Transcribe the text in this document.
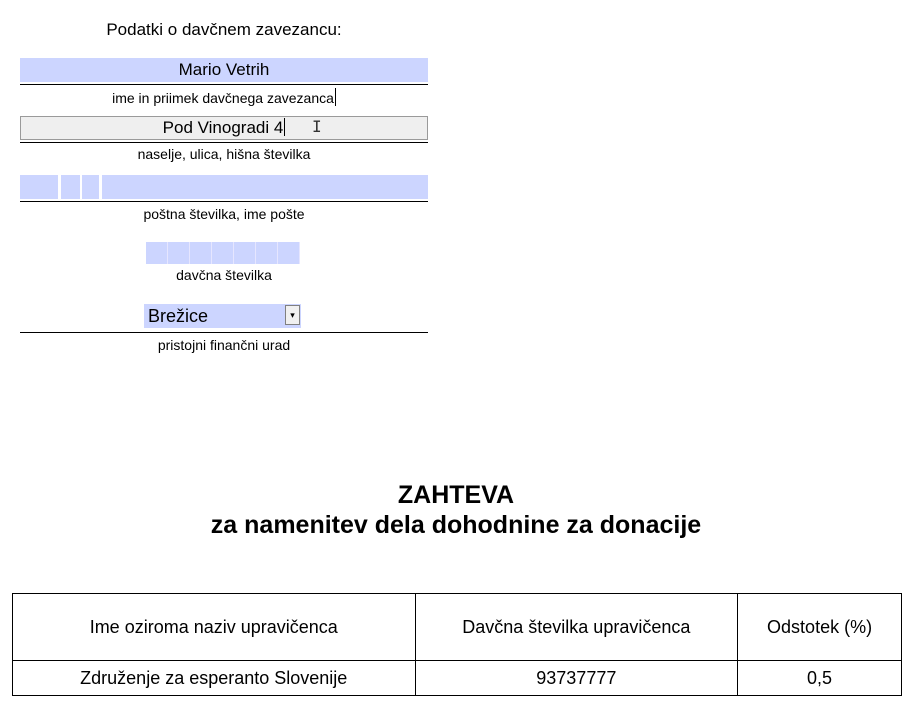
Podatki o davčnem zavezancu:
Mario Vetrih
ime in priimek davčnega zavezanca
Pod Vinogradi 4	I
naselje, ulica, hišna številka
poštna številka, ime pošte
davčna številka
Brežice	▾
pristojni finančni urad
ZAHTEVA
za namenitev dela dohodnine za donacije
Ime oziroma naziv upravičenca	Davčna številka upravičenca	Odstotek (%)
Združenje za esperanto Slovenije	93737777	0,5
